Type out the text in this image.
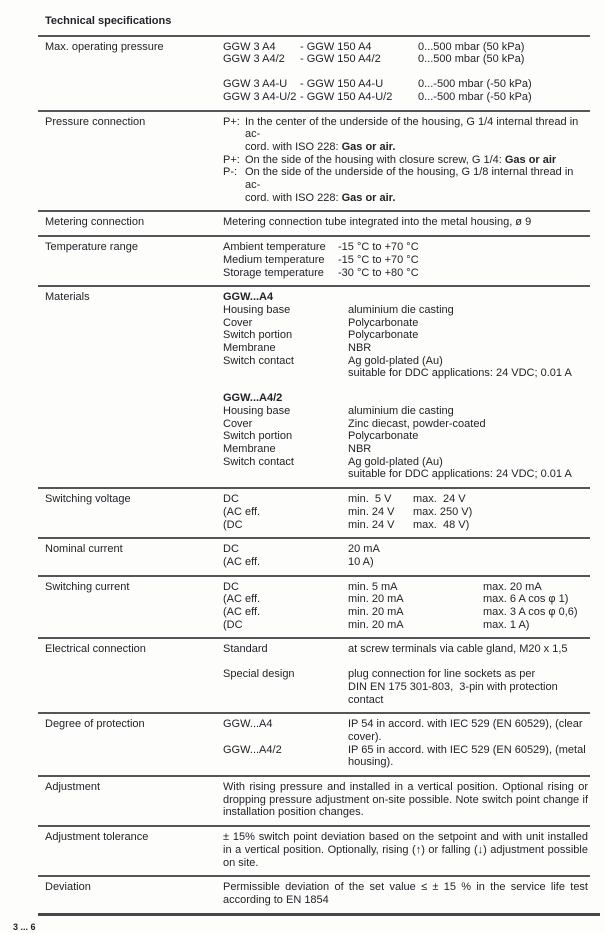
Technical specifications
Max. operating pressure	GGW 3 A4	- GGW 150 A4	0...500 mbar (50 kPa)
GGW 3 A4/2	- GGW 150 A4/2	0...500 mbar (50 kPa)
GGW 3 A4-U	- GGW 150 A4-U	0...-500 mbar (-50 kPa)
GGW 3 A4-U/2 - GGW 150 A4-U/2	0...-500 mbar (-50 kPa)
Pressure connection	P+: In the center of the underside of the housing, G 1/4 internal thread in ac-
cord. with ISO 228: Gas or air.
P+: On the side of the housing with closure screw, G 1/4: Gas or air
P-: On the side of the underside of the housing, G 1/8 internal thread in ac-
cord. with ISO 228: Gas or air.
Metering connection	Metering connection tube integrated into the metal housing, ø 9
Temperature range	Ambient temperature	-15 °C to +70 °C
Medium temperature	-15 °C to +70 °C
Storage temperature	-30 °C to +80 °C
Materials	GGW...A4
Housing base	aluminium die casting
Cover	Polycarbonate
Switch portion	Polycarbonate
Membrane	NBR
Switch contact	Ag gold-plated (Au)
suitable for DDC applications: 24 VDC; 0.01 A
GGW...A4/2
Housing base	aluminium die casting
Cover	Zinc diecast, powder-coated
Switch portion	Polycarbonate
Membrane	NBR
Switch contact	Ag gold-plated (Au)
suitable for DDC applications: 24 VDC; 0.01 A
Switching voltage	DC	min.  5 V	max.  24 V
(AC eff.	min. 24 V	max. 250 V)
(DC	min. 24 V	max.  48 V)
Nominal current	DC	20 mA
(AC eff.	10 A)
Switching current	DC	min. 5 mA	max. 20 mA
(AC eff.	min. 20 mA	max. 6 A cos φ 1)
(AC eff.	min. 20 mA	max. 3 A cos φ 0,6)
(DC	min. 20 mA	max. 1 A)
Electrical connection	Standard	at screw terminals via cable gland, M20 x 1,5
Special design	plug connection for line sockets as per
DIN EN 175 301-803,  3-pin with protection contact
Degree of protection	GGW...A4	IP 54 in accord. with IEC 529 (EN 60529), (clear cover).
GGW...A4/2	IP 65 in accord. with IEC 529 (EN 60529), (metal housing).
Adjustment	With rising pressure and installed in a vertical position. Optional rising or dropping pressure adjustment on-site possible. Note switch point change if installation position changes.
Adjustment tolerance	± 15% switch point deviation based on the setpoint and with unit installed in a vertical position. Optionally, rising (↑) or falling (↓) adjustment possible on site.
Deviation	Permissible deviation of the set value ≤ ± 15 % in the service life test according to EN 1854
3 ... 6
